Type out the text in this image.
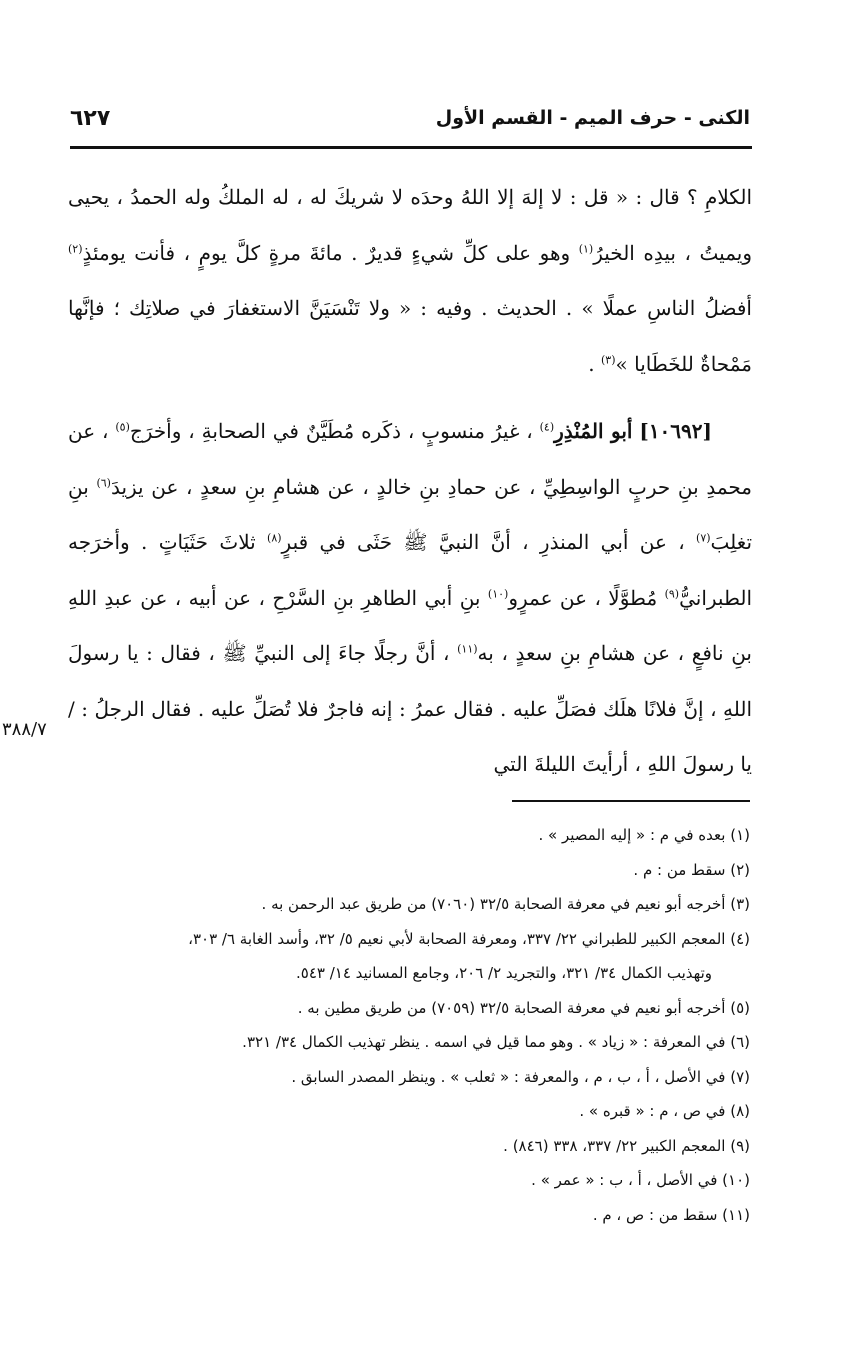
٦٢٧	الكنى - حرف الميم - القسم الأول

الكلامِ ؟ قال : « قل : لا إلهَ إلا اللهُ وحدَه لا شريكَ له ، له الملكُ وله الحمدُ ، يحيى ويميتُ ، بيدِه الخيرُ$^{(١)}$ وهو على كلِّ شيءٍ قديرٌ . مائةَ مرةٍ كلَّ يومٍ ، فأنت يومئذٍ$^{(٢)}$ أفضلُ الناسِ عملًا » . الحديث . وفيه : « ولا تَنْسَيَنَّ الاستغفارَ في صلاتِك ؛ فإنَّها مَمْحاةٌ للخَطَايا »$^{(٣)}$ .

[١٠٦٩٢] أبو المُنْذِرِ$^{(٤)}$ ، غيرُ منسوبٍ ، ذكَره مُطَيَّنٌ في الصحابةِ ، وأخرَج$^{(٥)}$ ، عن محمدِ بنِ حربٍ الواسِطِيِّ ، عن حمادِ بنِ خالدٍ ، عن هشامِ بنِ سعدٍ ، عن يزيدَ$^{(٦)}$ بنِ تغلِبَ$^{(٧)}$ ، عن أبي المنذرِ ، أنَّ النبيَّ ﷺ حَثَى في قبرٍ$^{(٨)}$ ثلاثَ حَثَيَاتٍ . وأخرَجه الطبرانيُّ$^{(٩)}$ مُطوَّلًا ، عن عمرٍو$^{(١٠)}$ بنِ أبي الطاهرِ بنِ السَّرْحِ ، عن أبيه ، عن عبدِ اللهِ بنِ نافعٍ ، عن هشامِ بنِ سعدٍ ، به$^{(١١)}$ ، أنَّ رجلًا جاءَ إلى النبيِّ ﷺ ، فقال : يا رسولَ اللهِ ، إنَّ فلانًا هلَك فصَلِّ عليه . فقال عمرُ : إنه فاجرٌ فلا تُصَلِّ عليه . فقال الرجلُ : / يا رسولَ اللهِ ، أرأيتَ الليلةَ التي

٣٨٨/٧

(١) بعده في م : « إليه المصير » .

(٢) سقط من : م .

(٣) أخرجه أبو نعيم في معرفة الصحابة ٣٢/٥ (٧٠٦٠) من طريق عبد الرحمن به .

(٤) المعجم الكبير للطبراني ٢٢/ ٣٣٧، ومعرفة الصحابة لأبي نعيم ٥/ ٣٢، وأسد الغابة ٦/ ٣٠٣،

وتهذيب الكمال ٣٤/ ٣٢١، والتجريد ٢/ ٢٠٦، وجامع المسانيد ١٤/ ٥٤٣.

(٥) أخرجه أبو نعيم في معرفة الصحابة ٣٢/٥ (٧٠٥٩) من طريق مطين به .

(٦) في المعرفة : « زياد » . وهو مما قيل في اسمه . ينظر تهذيب الكمال ٣٤/ ٣٢١.

(٧) في الأصل ، أ ، ب ، م ، والمعرفة : « ثعلب » . وينظر المصدر السابق .

(٨) في ص ، م : « قبره » .

(٩) المعجم الكبير ٢٢/ ٣٣٧، ٣٣٨ (٨٤٦) .

(١٠) في الأصل ، أ ، ب : « عمر » .

(١١) سقط من : ص ، م .
